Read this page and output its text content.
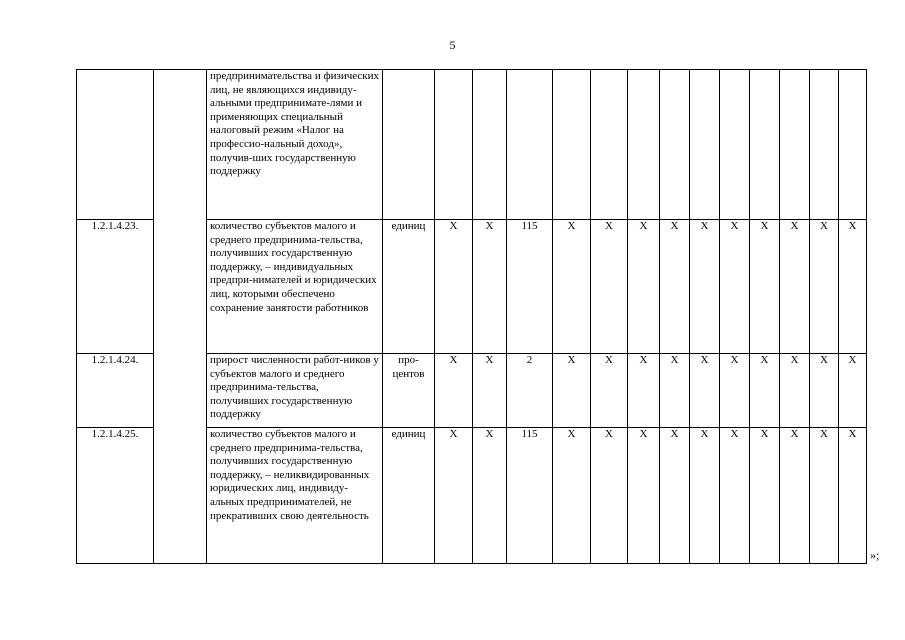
5
		предпринимательства и физических лиц, не являющихся индивиду-альными предпринимате-лями и применяющих специальный налоговый режим «Налог на профессио-нальный доход», получив-ших государственную поддержку															
1.2.1.4.23.		количество субъектов малого и среднего предпринима-тельства, получивших государственную поддержку, – индивидуальных предпри-нимателей и юридических лиц, которыми обеспечено сохранение занятости работников	единиц	Х	Х	115	Х	Х	Х	Х	Х	Х	Х	Х	Х	Х	
1.2.1.4.24.		прирост численности работ-ников у субъектов малого и среднего предпринима-тельства, получивших государственную поддержку	про-центов	Х	Х	2	Х	Х	Х	Х	Х	Х	Х	Х	Х	Х	
1.2.1.4.25.		количество субъектов малого и среднего предпринима-тельства, получивших государственную поддержку, – неликвидированных юридических лиц, индивиду-альных предпринимателей, не прекративших свою деятельность	единиц	Х	Х	115	Х	Х	Х	Х	Х	Х	Х	Х	Х	Х	
»;
